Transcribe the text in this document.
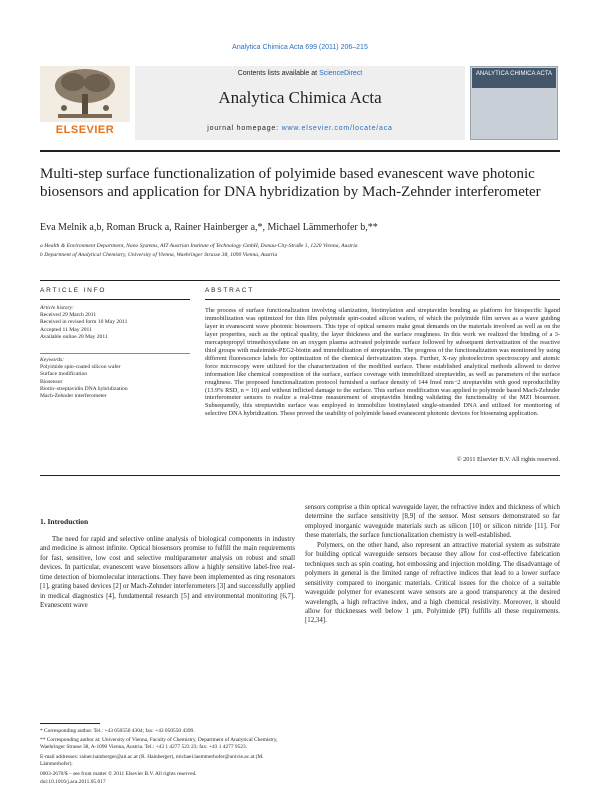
Analytica Chimica Acta 699 (2011) 206–215
ELSEVIER
Contents lists available at ScienceDirect
Analytica Chimica Acta
journal homepage: www.elsevier.com/locate/aca
ANALYTICA CHIMICA ACTA
Multi-step surface functionalization of polyimide based evanescent wave photonic biosensors and application for DNA hybridization by Mach-Zehnder interferometer
Eva Melnik a,b, Roman Bruck a, Rainer Hainberger a,*, Michael Lämmerhofer b,**
a Health & Environment Department, Nano Systems, AIT Austrian Institute of Technology GmbH, Donau-City-Straße 1, 1220 Vienna, Austria
b Department of Analytical Chemistry, University of Vienna, Waehringer Strasse 38, 1090 Vienna, Austria
ARTICLE INFO
Article history:
Received 29 March 2011
Received in revised form 10 May 2011
Accepted 11 May 2011
Available online 20 May 2011
Keywords:
Polyimide spin-coated silicon wafer
Surface modification
Biosensor
Biotin–streptavidin DNA hybridization
Mach-Zehnder interferometer
ABSTRACT
The process of surface functionalization involving silanization, biotinylation and streptavidin bonding as platform for biospecific ligand immobilization was optimized for thin film polyimide spin-coated silicon wafers, of which the polyimide film serves as a wave guiding layer in evanescent wave photonic biosensors. This type of optical sensors make great demands on the materials involved as well as on the layer properties, such as the optical quality, the layer thickness and the surface roughness. In this work we realized the binding of a 3-mercaptopropyl trimethoxysilane on an oxygen plasma activated polyimide surface followed by subsequent derivatization of the reactive thiol groups with maleimide-PEG2-biotin and immobilization of streptavidin. The progress of the functionalization was monitored by using different fluorescence labels for optimization of the chemical derivatization steps. Further, X-ray photoelectron spectroscopy and atomic force microscopy were utilized for the characterization of the modified surface. These established analytical methods allowed to derive information like chemical composition of the surface, surface coverage with immobilized streptavidin, as well as parameters of the surface roughness. The proposed functionalization protocol furnished a surface density of 144 fmol mm−2 streptavidin with good reproducibility (13.9% RSD, n = 10) and without inflicted damage to the surface. This surface modification was applied to polyimide based Mach-Zehnder interferometer sensors to realize a real-time measurement of streptavidin binding validating the functionality of the MZI biosensor. Subsequently, this streptavidin surface was employed to immobilize biotinylated single-stranded DNA and utilized for monitoring of selective DNA hybridization. These proved the usability of polyimide based evanescent photonic devices for biosensing application.
© 2011 Elsevier B.V. All rights reserved.
1. Introduction

The need for rapid and selective online analysis of biological components in industry and medicine is almost infinite. Optical biosensors promise to fulfill the main requirements for fast, sensitive, low cost and selective multiparameter analysis on robust and small devices. In particular, evanescent wave biosensors allow a highly sensitive label-free real-time detection of biomolecular interactions. They have been implemented as ring resonators [1], grating based devices [2] or Mach-Zehnder interferometers [3] and successfully applied in medical diagnostics [4], fundamental research [5] and environmental monitoring [6,7]. Evanescent wave

sensors comprise a thin optical waveguide layer, the refractive index and thickness of which determine the surface sensitivity [8,9] of the sensor. Most sensors demonstrated so far employed inorganic waveguide materials such as silicon [10] or silicon nitride [11]. For these materials, the surface functionalization chemistry is well-established.

Polymers, on the other hand, also represent an attractive material system as substrate for building optical waveguide sensors because they allow for cost-effective fabrication techniques such as spin coating, hot embossing and injection molding. The disadvantage of polymers in general is the limited range of refractive indices that lead to a lower surface sensitivity compared to inorganic materials. Critical issues for the choice of a suitable waveguide polymer for evanescent wave sensors are a good transparency at the desired wavelength, a high refractive index, and a high chemical resistivity. Moreover, it should allow for thicknesses well below 1 µm. Polyimide (PI) fulfills all these requirements. [12,34].

* Corresponding author. Tel.: +43 050550 4304; fax: +43 050550 4399.
** Corresponding author at: University of Vienna, Faculty of Chemistry, Department of Analytical Chemistry, Waehringer Strasse 38, A-1090 Vienna, Austria. Tel.: +43 1 4277 523 23; fax: +43 1 4277 9523.
E-mail addresses: rainer.hainberger@ait.ac.at (R. Hainberger), michael.laemmerhofer@univie.ac.at (M. Lämmerhofer).
0003-2670/$ – see front matter © 2011 Elsevier B.V. All rights reserved.
doi:10.1016/j.aca.2011.05.017
